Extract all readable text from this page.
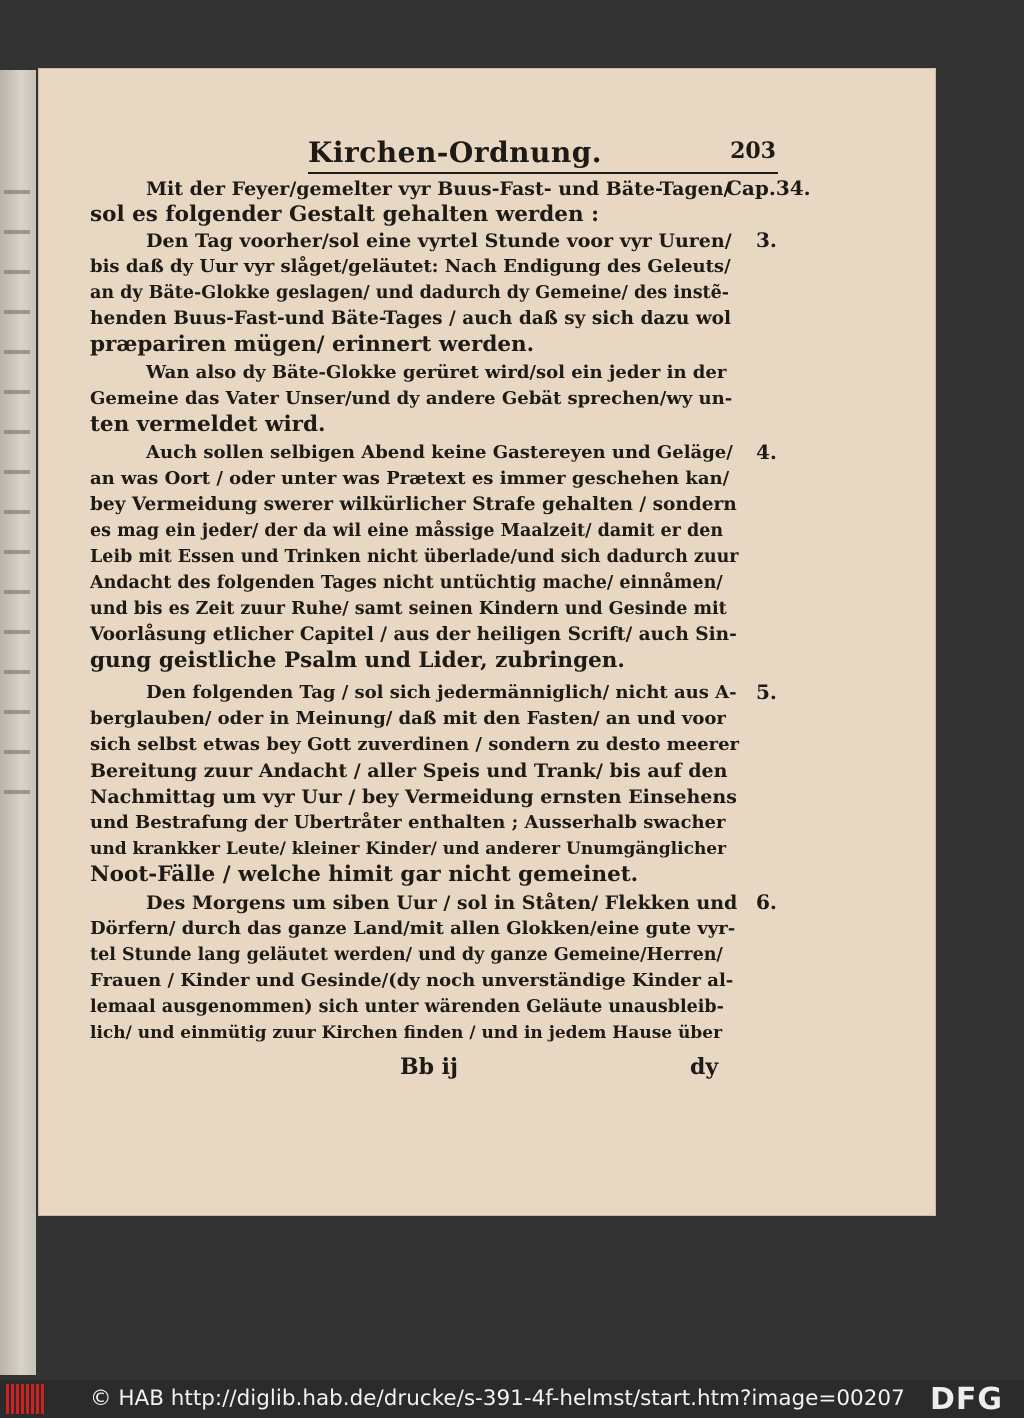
Kirchen-Ordnung.	203
Cap.34.
3.
4.
5.
6.
Mit der Feyer/gemelter vyr Buus-Fast- und Bäte-Tagen/
sol es folgender Gestalt gehalten werden :
Den Tag voorher/sol eine vyrtel Stunde voor vyr Uuren/
bis daß dy Uur vyr slåget/geläutet: Nach Endigung des Geleuts/
an dy Bäte-Glokke geslagen/ und dadurch dy Gemeine/ des instẽ-
henden Buus-Fast-und Bäte-Tages / auch daß sy sich dazu wol
præpariren mügen/ erinnert werden.
Wan also dy Bäte-Glokke gerüret wird/sol ein jeder in der
Gemeine das Vater Unser/und dy andere Gebät sprechen/wy un-
ten vermeldet wird.
Auch sollen selbigen Abend keine Gastereyen und Geläge/
an was Oort / oder unter was Prætext es immer geschehen kan/
bey Vermeidung swerer wilkürlicher Strafe gehalten / sondern
es mag ein jeder/ der da wil eine måssige Maalzeit/ damit er den
Leib mit Essen und Trinken nicht überlade/und sich dadurch zuur
Andacht des folgenden Tages nicht untüchtig mache/ einnåmen/
und bis es Zeit zuur Ruhe/ samt seinen Kindern und Gesinde mit
Voorlåsung etlicher Capitel / aus der heiligen Scrift/ auch Sin-
gung geistliche Psalm und Lider, zubringen.
Den folgenden Tag / sol sich jedermänniglich/ nicht aus A-
berglauben/ oder in Meinung/ daß mit den Fasten/ an und voor
sich selbst etwas bey Gott zuverdinen / sondern zu desto meerer
Bereitung zuur Andacht / aller Speis und Trank/ bis auf den
Nachmittag um vyr Uur / bey Vermeidung ernsten Einsehens
und Bestrafung der Ubertråter enthalten ; Ausserhalb swacher
und krankker Leute/ kleiner Kinder/ und anderer Unumgänglicher
Noot-Fälle / welche himit gar nicht gemeinet.
Des Morgens um siben Uur / sol in Ståten/ Flekken und
Dörfern/ durch das ganze Land/mit allen Glokken/eine gute vyr-
tel Stunde lang geläutet werden/ und dy ganze Gemeine/Herren/
Frauen / Kinder und Gesinde/(dy noch unverständige Kinder al-
lemaal ausgenommen) sich unter wärenden Geläute unausbleib-
lich/ und einmütig zuur Kirchen finden / und in jedem Hause über
Bb ij	dy
© HAB http://diglib.hab.de/drucke/s-391-4f-helmst/start.htm?image=00207 DFG
